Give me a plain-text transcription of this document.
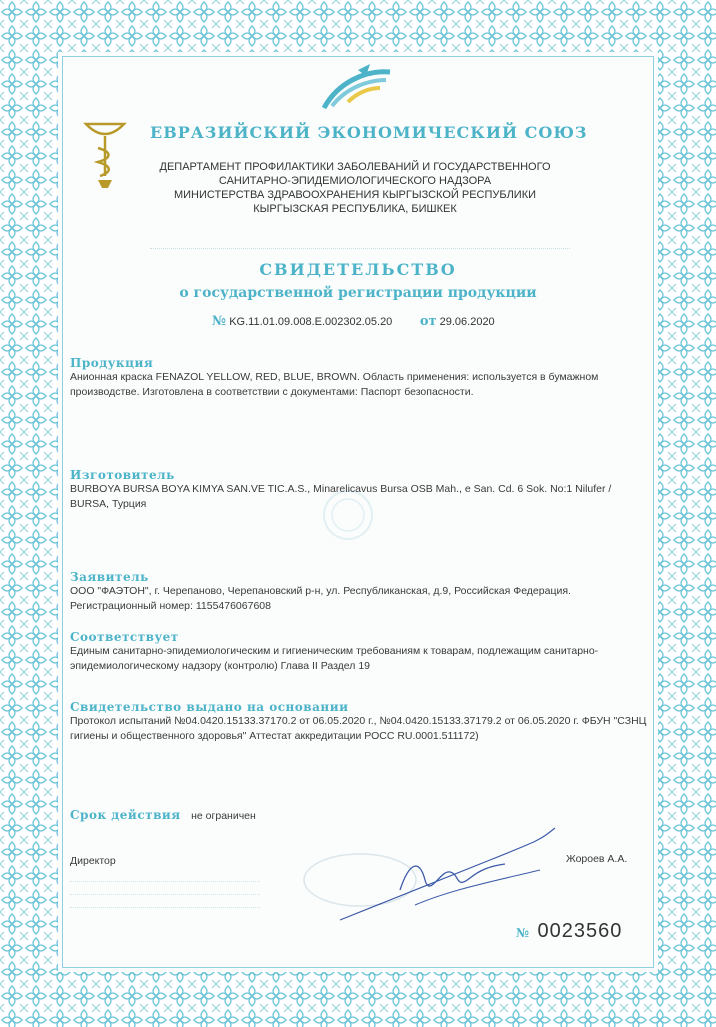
ЕВРАЗИЙСКИЙ ЭКОНОМИЧЕСКИЙ СОЮЗ
ДЕПАРТАМЕНТ ПРОФИЛАКТИКИ ЗАБОЛЕВАНИЙ И ГОСУДАРСТВЕННОГО
САНИТАРНО-ЭПИДЕМИОЛОГИЧЕСКОГО НАДЗОРА
МИНИСТЕРСТВА ЗДРАВООХРАНЕНИЯ КЫРГЫЗСКОЙ РЕСПУБЛИКИ
КЫРГЫЗСКАЯ РЕСПУБЛИКА, БИШКЕК
СВИДЕТЕЛЬСТВО
о государственной регистрации продукции
№ KG.11.01.09.008.Е.002302.05.20 от 29.06.2020
Продукция
Анионная краска FENAZOL YELLOW, RED, BLUE, BROWN. Область применения: используется в бумажном производстве. Изготовлена в соответствии с документами: Паспорт безопасности.
Изготовитель
BURBOYA BURSA BOYA KIMYA SAN.VE TIC.A.S., Minarelicavus Bursa OSB Mah., e San. Cd. 6 Sok. No:1 Nilufer / BURSA, Турция
Заявитель
ООО "ФАЭТОН", г. Черепаново, Черепановский р-н, ул. Республиканская, д.9, Российская Федерация. Регистрационный номер: 1155476067608
Соответствует
Единым санитарно-эпидемиологическим и гигиеническим требованиям к товарам, подлежащим санитарно-эпидемиологическому надзору (контролю) Глава II Раздел 19
Свидетельство выдано на основании
Протокол испытаний №04.0420.15133.37170.2 от 06.05.2020 г., №04.0420.15133.37179.2 от 06.05.2020 г. ФБУН "СЗНЦ гигиены и общественного здоровья" Аттестат аккредитации РОСС RU.0001.511172)
Срок действия не ограничен
Директор	Жороев А.А.
№ 0023560
